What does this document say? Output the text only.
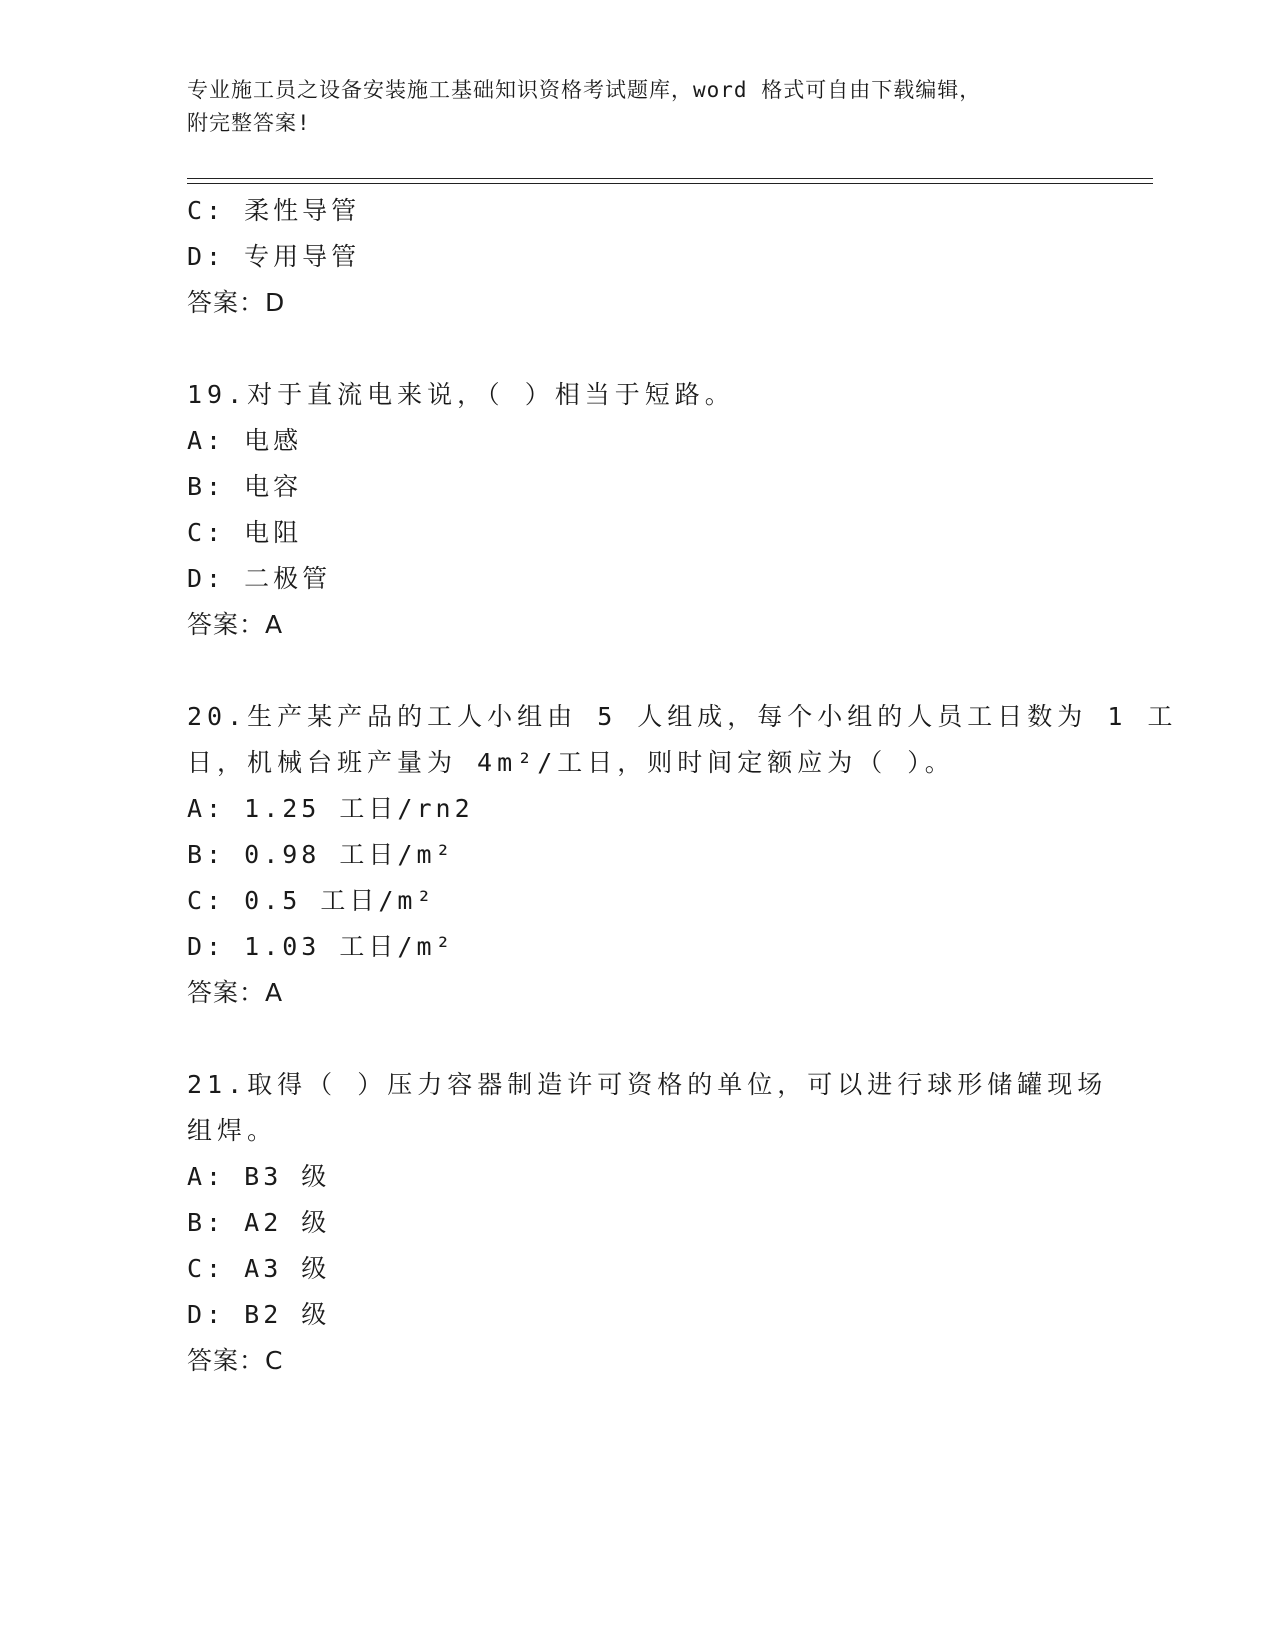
专业施工员之设备安装施工基础知识资格考试题库，word 格式可自由下载编辑，
附完整答案!
C: 柔性导管
D: 专用导管
答案：D
19.对于直流电来说，（ ）相当于短路。
A: 电感
B: 电容
C: 电阻
D: 二极管
答案：A
20.生产某产品的工人小组由 5 人组成，每个小组的人员工日数为 1 工
日，机械台班产量为 4m²/工日，则时间定额应为（ ）。
A: 1.25 工日/rn2
B: 0.98 工日/m²
C: 0.5 工日/m²
D: 1.03 工日/m²
答案：A
21.取得（ ）压力容器制造许可资格的单位，可以进行球形储罐现场
组焊。
A: B3 级
B: A2 级
C: A3 级
D: B2 级
答案：C
